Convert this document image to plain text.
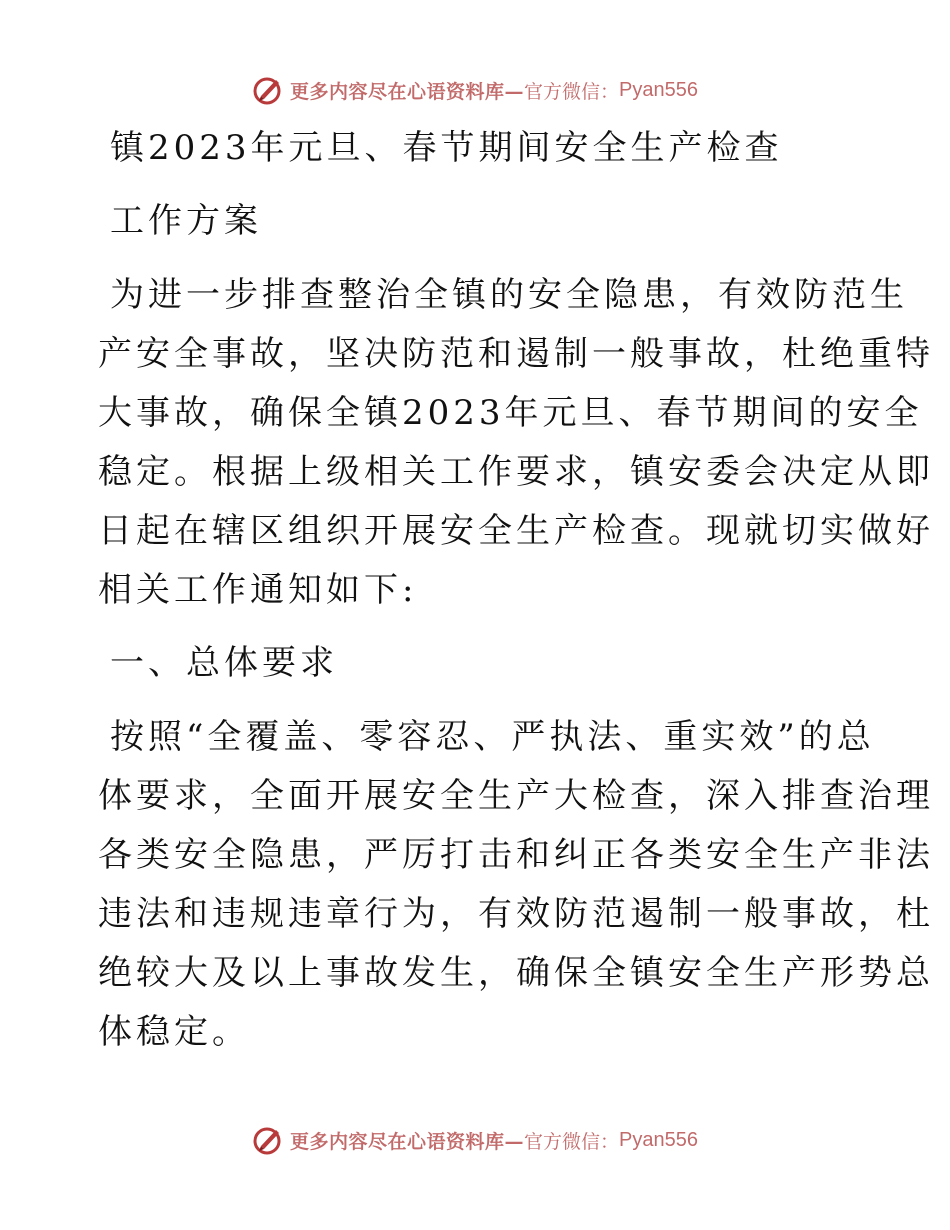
更多内容尽在心语资料库— 官方微信： Pyan556
镇2023年元旦、春节期间安全生产检查
工作方案
为进一步排查整治全镇的安全隐患，有效防范生
产安全事故，坚决防范和遏制一般事故，杜绝重特
大事故，确保全镇2023年元旦、春节期间的安全
稳定。根据上级相关工作要求，镇安委会决定从即
日起在辖区组织开展安全生产检查。现就切实做好
相关工作通知如下:
一、总体要求
按照“全覆盖、零容忍、严执法、重实效”的总
体要求，全面开展安全生产大检查，深入排查治理
各类安全隐患，严厉打击和纠正各类安全生产非法
违法和违规违章行为，有效防范遏制一般事故，杜
绝较大及以上事故发生，确保全镇安全生产形势总
体稳定。
更多内容尽在心语资料库— 官方微信： Pyan556
